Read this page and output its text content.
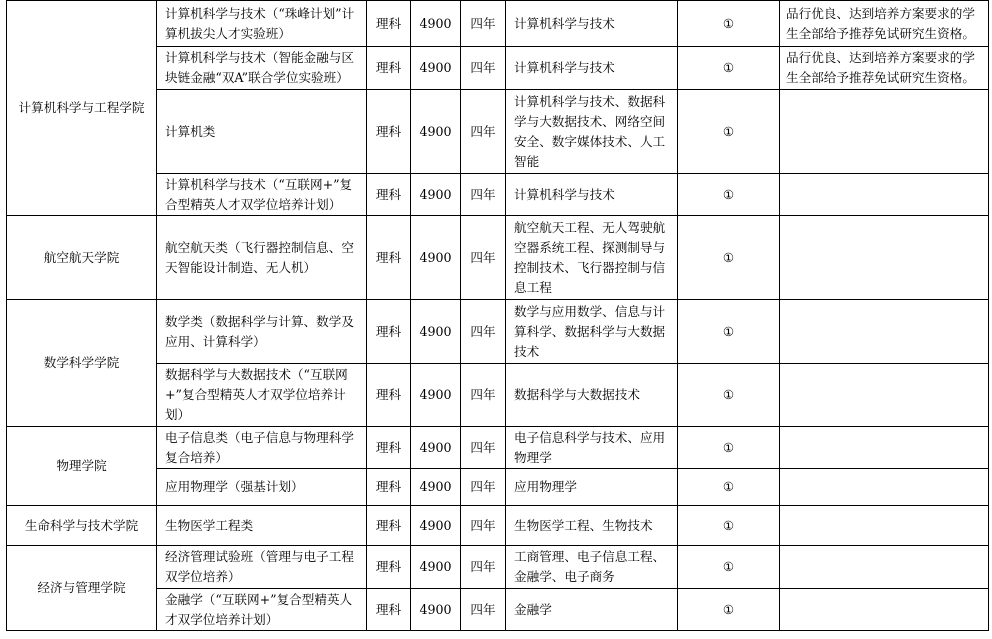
计算机科学与工程学院	计算机科学与技术（“珠峰计划”计算机拔尖人才实验班）	理科	4900	四年	计算机科学与技术	①	品行优良、达到培养方案要求的学生全部给予推荐免试研究生资格。
	计算机科学与技术（智能金融与区块链金融“双A”联合学位实验班）	理科	4900	四年	计算机科学与技术	①	品行优良、达到培养方案要求的学生全部给予推荐免试研究生资格。
	计算机类	理科	4900	四年	计算机科学与技术、数据科学与大数据技术、网络空间安全、数字媒体技术、人工智能	①	
	计算机科学与技术（“互联网+”复合型精英人才双学位培养计划）	理科	4900	四年	计算机科学与技术	①	
航空航天学院	航空航天类（飞行器控制信息、空天智能设计制造、无人机）	理科	4900	四年	航空航天工程、无人驾驶航空器系统工程、探测制导与控制技术、飞行器控制与信息工程	①	
数学科学学院	数学类（数据科学与计算、数学及应用、计算科学）	理科	4900	四年	数学与应用数学、信息与计算科学、数据科学与大数据技术	①	
	数据科学与大数据技术（“互联网+”复合型精英人才双学位培养计划）	理科	4900	四年	数据科学与大数据技术	①	
物理学院	电子信息类（电子信息与物理科学复合培养）	理科	4900	四年	电子信息科学与技术、应用物理学	①	
	应用物理学（强基计划）	理科	4900	四年	应用物理学	①	
生命科学与技术学院	生物医学工程类	理科	4900	四年	生物医学工程、生物技术	①	
经济与管理学院	经济管理试验班（管理与电子工程双学位培养）	理科	4900	四年	工商管理、电子信息工程、金融学、电子商务	①	
	金融学（“互联网+”复合型精英人才双学位培养计划）	理科	4900	四年	金融学	①	
